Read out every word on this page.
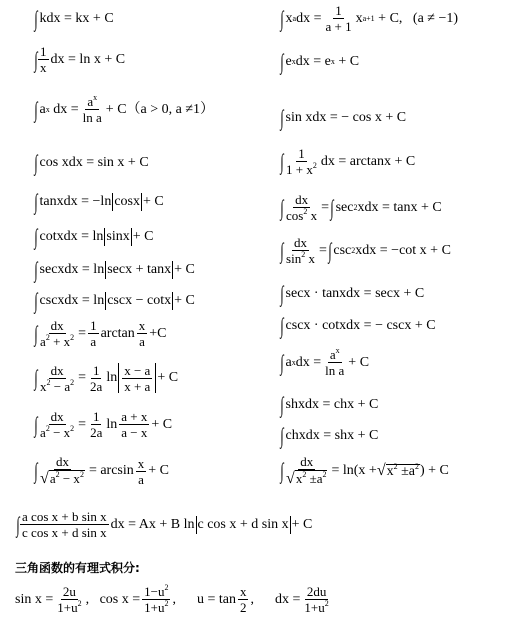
∫
kdx = kx + C
∫ 1
x
dx = ln x + C
∫
a x dx = $a^x$
ln a
+ C（a > 0, a ≠1）
∫
cos xdx = sin x + C
∫
tanxdx = −ln cosx + C
∫
cotxdx = ln sinx + C
∫
secxdx = ln secx + tanx + C
∫
cscxdx = ln cscx − cotx + C
∫ dx
$a^2 + x^2 = 1$
a
arctan x
a
+C
∫ dx
$x^2 - a^2 = 1$
2a
ln x − a
x + a
+ C
∫ dx
$a^2 - x^2 = 1$
2a
ln a + x
a − x
+ C
∫ dx
$√a^2 - x^2 = \arcsin x$
a
+ C
∫
x a dx = 1
a + 1
x a+1 + C,   (a ≠ −1)
∫
e x dx = e x + C
∫
sin xdx = − cos x + C
∫ 1
$1 + x^2$ dx = arctanx + C
∫ dx
$\cos^2 x$
= ∫
sec 2 xdx = tanx + C
∫ dx
$\sin^2 x$
= ∫
csc 2 xdx = −cot x + C
∫
secx · tanxdx = secx + C
∫
cscx · cotxdx = − cscx + C
∫
a x dx = $a^x$
ln a
+ C
∫
shxdx = chx + C
∫
chxdx = shx + C
∫ dx
$√x^2 \pm a^2 = \ln(x$ + √ $x^2 \pm a^2$ ) + C
∫ a cos x + b sin x
c cos x + d sin x
dx = Ax + B ln c cos x + d sin x + C
三角函数的有理式积分:
sin x = 2u
$1+u^2$ ,   $\cos x = 1-u^2$
$1+u^2$ ,      u = tan x
2
,      dx = 2du
$1+u^2$
